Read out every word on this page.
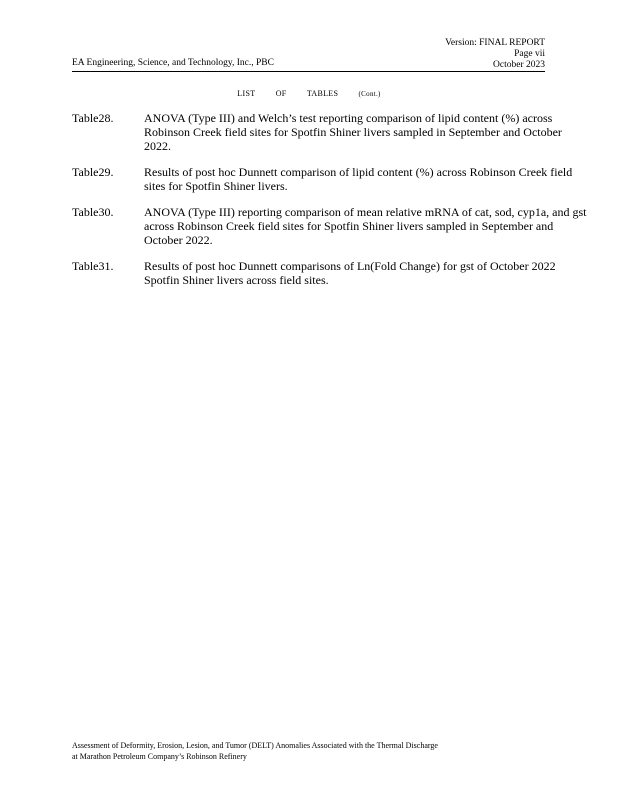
Version: FINAL REPORT
Page vii
October 2023
EA Engineering, Science, and Technology, Inc., PBC
LIST	OF	TABLES	(Cont.)
Table28.	ANOVA (Type III) and Welch’s test reporting comparison of lipid content (%) across Robinson Creek field sites for Spotfin Shiner livers sampled in September and October 2022.
Table29.	Results of post hoc Dunnett comparison of lipid content (%) across Robinson Creek field sites for Spotfin Shiner livers.
Table30.	ANOVA (Type III) reporting comparison of mean relative mRNA of cat, sod, cyp1a, and gst across Robinson Creek field sites for Spotfin Shiner livers sampled in September and October 2022.
Table31.	Results of post hoc Dunnett comparisons of Ln(Fold Change) for gst of October 2022 Spotfin Shiner livers across field sites.
Assessment of Deformity, Erosion, Lesion, and Tumor (DELT) Anomalies Associated with the Thermal Discharge
at Marathon Petroleum Company’s Robinson Refinery
